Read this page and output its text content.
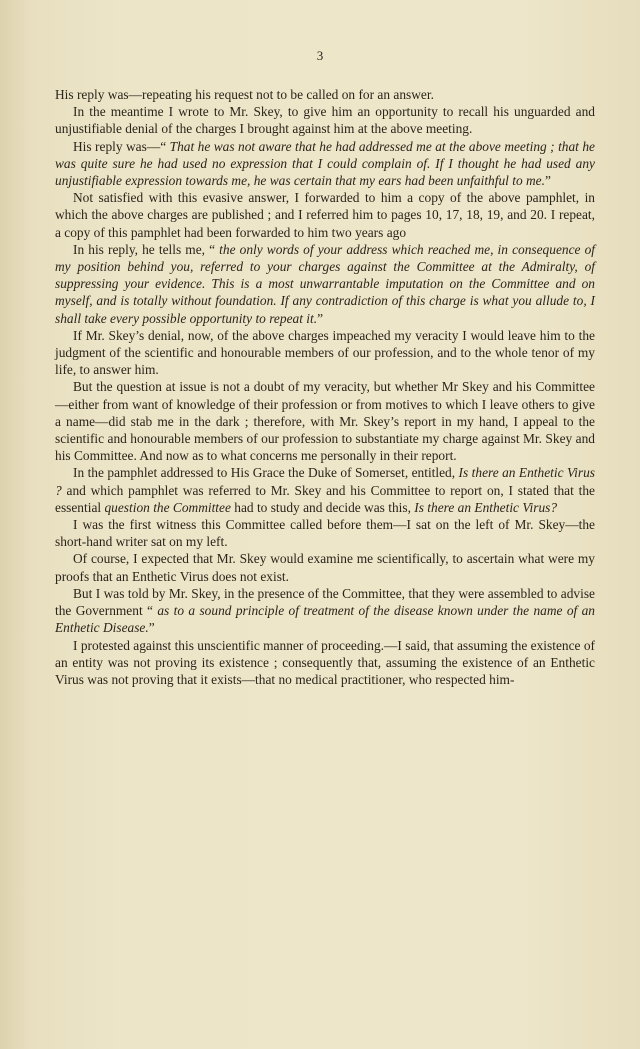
3

His reply was—repeating his request not to be called on for an answer.

In the meantime I wrote to Mr. Skey, to give him an opportunity to recall his unguarded and unjustifiable denial of the charges I brought against him at the above meeting.

His reply was—“ That he was not aware that he had addressed me at the above meeting ; that he was quite sure he had used no expression that I could complain of. If I thought he had used any unjustifiable expression towards me, he was certain that my ears had been unfaithful to me.”

Not satisfied with this evasive answer, I forwarded to him a copy of the above pamphlet, in which the above charges are published ; and I referred him to pages 10, 17, 18, 19, and 20. I repeat, a copy of this pamphlet had been forwarded to him two years ago

In his reply, he tells me, “ the only words of your address which reached me, in consequence of my position behind you, referred to your charges against the Committee at the Admiralty, of suppressing your evidence. This is a most unwarrantable imputation on the Committee and on myself, and is totally without foundation. If any contradiction of this charge is what you allude to, I shall take every possible opportunity to repeat it.”

If Mr. Skey’s denial, now, of the above charges impeached my veracity I would leave him to the judgment of the scientific and honourable members of our profession, and to the whole tenor of my life, to answer him.

But the question at issue is not a doubt of my veracity, but whether Mr Skey and his Committee—either from want of knowledge of their profession or from motives to which I leave others to give a name—did stab me in the dark ; therefore, with Mr. Skey’s report in my hand, I appeal to the scientific and honourable members of our profession to substantiate my charge against Mr. Skey and his Committee. And now as to what concerns me personally in their report.

In the pamphlet addressed to His Grace the Duke of Somerset, entitled, Is there an Enthetic Virus ? and which pamphlet was referred to Mr. Skey and his Committee to report on, I stated that the essential question the Committee had to study and decide was this, Is there an Enthetic Virus?

I was the first witness this Committee called before them—I sat on the left of Mr. Skey—the short-hand writer sat on my left.

Of course, I expected that Mr. Skey would examine me scientifically, to ascertain what were my proofs that an Enthetic Virus does not exist.

But I was told by Mr. Skey, in the presence of the Committee, that they were assembled to advise the Government “ as to a sound principle of treatment of the disease known under the name of an Enthetic Disease.”

I protested against this unscientific manner of proceeding.—I said, that assuming the existence of an entity was not proving its existence ; consequently that, assuming the existence of an Enthetic Virus was not proving that it exists—that no medical practitioner, who respected him-
